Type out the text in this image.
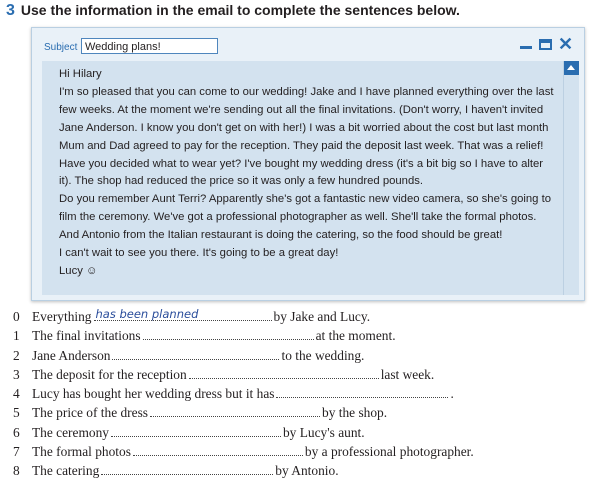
3 Use the information in the email to complete the sentences below.
Subject Wedding plans!	✕

Hi Hilary

I'm so pleased that you can come to our wedding! Jake and I have planned everything over the last

few weeks. At the moment we're sending out all the final invitations. (Don't worry, I haven't invited

Jane Anderson. I know you don't get on with her!) I was a bit worried about the cost but last month

Mum and Dad agreed to pay for the reception. They paid the deposit last week. That was a relief!

Have you decided what to wear yet? I've bought my wedding dress (it's a bit big so I have to alter

it). The shop had reduced the price so it was only a few hundred pounds.

Do you remember Aunt Terri? Apparently she's got a fantastic new video camera, so she's going to

film the ceremony. We've got a professional photographer as well. She'll take the formal photos.

And Antonio from the Italian restaurant is doing the catering, so the food should be great!

I can't wait to see you there. It's going to be a great day!

Lucy ☺

0 Everything has been planned	by Jake and Lucy.
1 The final invitations	at the moment.
2 Jane Anderson	to the wedding.
3 The deposit for the reception	last week.
4 Lucy has bought her wedding dress but it has	.
5 The price of the dress	by the shop.
6 The ceremony	by Lucy's aunt.
7 The formal photos	by a professional photographer.
8 The catering	by Antonio.
